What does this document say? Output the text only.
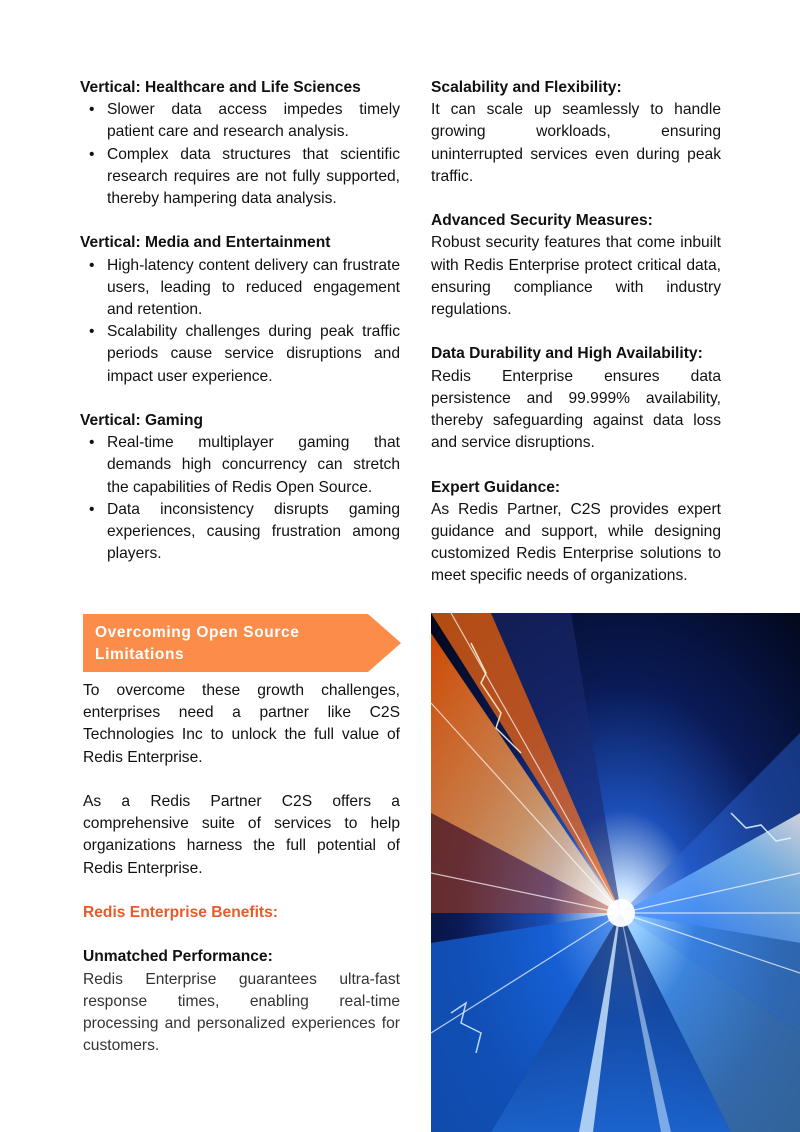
Vertical: Healthcare and Life Sciences

• Slower data access impedes timely patient care and research analysis.
• Complex data structures that scientific research requires are not fully supported, thereby hampering data analysis.

Vertical: Media and Entertainment

• High-latency content delivery can frustrate users, leading to reduced engagement and retention.
• Scalability challenges during peak traffic periods cause service disruptions and impact user experience.

Vertical: Gaming

• Real-time multiplayer gaming that demands high concurrency can stretch the capabilities of Redis Open Source.
• Data inconsistency disrupts gaming experiences, causing frustration among players.

Scalability and Flexibility:

It can scale up seamlessly to handle growing workloads, ensuring uninterrupted services even during peak traffic.

Advanced Security Measures:

Robust security features that come inbuilt with Redis Enterprise protect critical data, ensuring compliance with industry regulations.

Data Durability and High Availability:

Redis Enterprise ensures data persistence and 99.999% availability, thereby safeguarding against data loss and service disruptions.

Expert Guidance:

As Redis Partner, C2S provides expert guidance and support, while designing customized Redis Enterprise solutions to meet specific needs of organizations.

Overcoming Open Source Limitations

To overcome these growth challenges, enterprises need a partner like C2S Technologies Inc to unlock the full value of Redis Enterprise.

As a Redis Partner C2S offers a comprehensive suite of services to help organizations harness the full potential of Redis Enterprise.

Redis Enterprise Benefits:

Unmatched Performance:

Redis Enterprise guarantees ultra-fast response times, enabling real-time processing and personalized experiences for customers.
